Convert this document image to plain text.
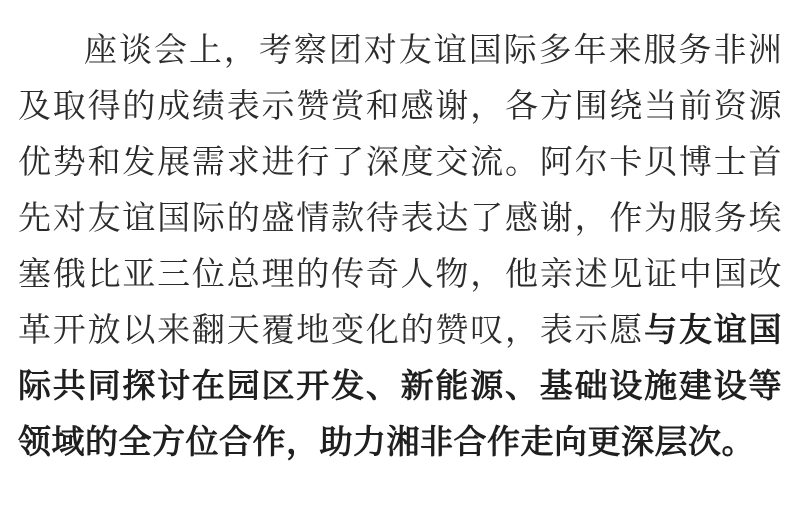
座谈会上，考察团对友谊国际多年来服务非洲及取得的成绩表示赞赏和感谢，各方围绕当前资源优势和发展需求进行了深度交流。阿尔卡贝博士首先对友谊国际的盛情款待表达了感谢，作为服务埃塞俄比亚三位总理的传奇人物，他亲述见证中国改革开放以来翻天覆地变化的赞叹，表示愿与友谊国际共同探讨在园区开发、新能源、基础设施建设等领域的全方位合作，助力湘非合作走向更深层次。
